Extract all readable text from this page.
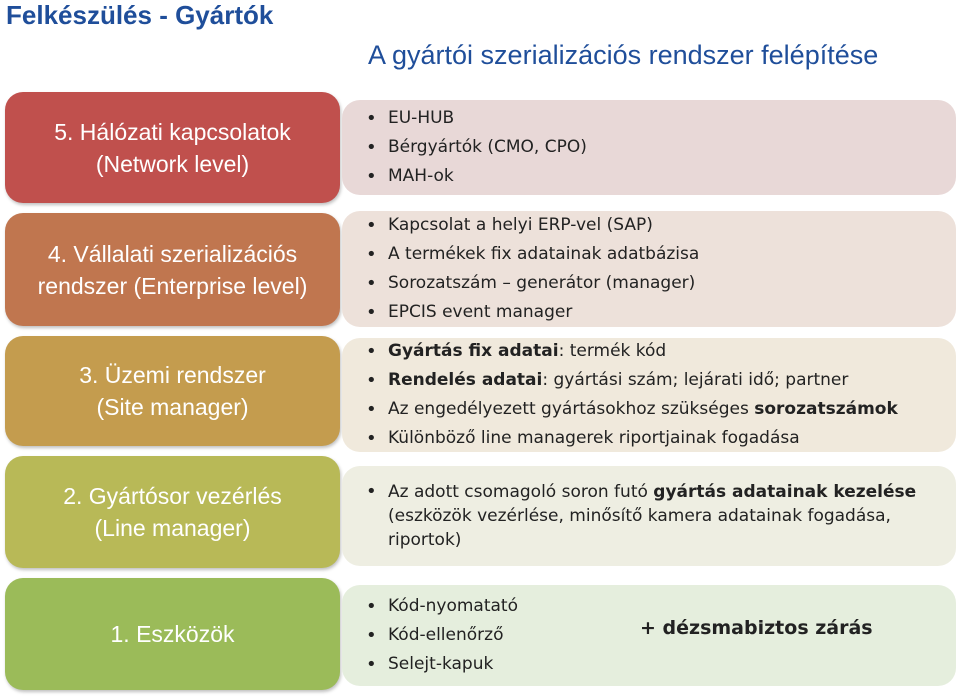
Felkészülés - Gyártók
A gyártói szerializációs rendszer felépítése
5. Hálózati kapcsolatok
(Network level)
• EU-HUB
• Bérgyártók (CMO, CPO)
• MAH-ok
4. Vállalati szerializációs
rendszer (Enterprise level)
• Kapcsolat a helyi ERP-vel (SAP)
• A termékek fix adatainak adatbázisa
• Sorozatszám – generátor (manager)
• EPCIS event manager
3. Üzemi rendszer
(Site manager)
• Gyártás fix adatai: termék kód
• Rendelés adatai: gyártási szám; lejárati idő; partner
• Az engedélyezett gyártásokhoz szükséges sorozatszámok
• Különböző line managerek riportjainak fogadása
2. Gyártósor vezérlés
(Line manager)
• Az adott csomagoló soron futó gyártás adatainak kezelése
(eszközök vezérlése, minősítő kamera adatainak fogadása,
riportok)
1. Eszközök
• Kód-nyomatató
• Kód-ellenőrző
• Selejt-kapuk
+ dézsmabiztos zárás
